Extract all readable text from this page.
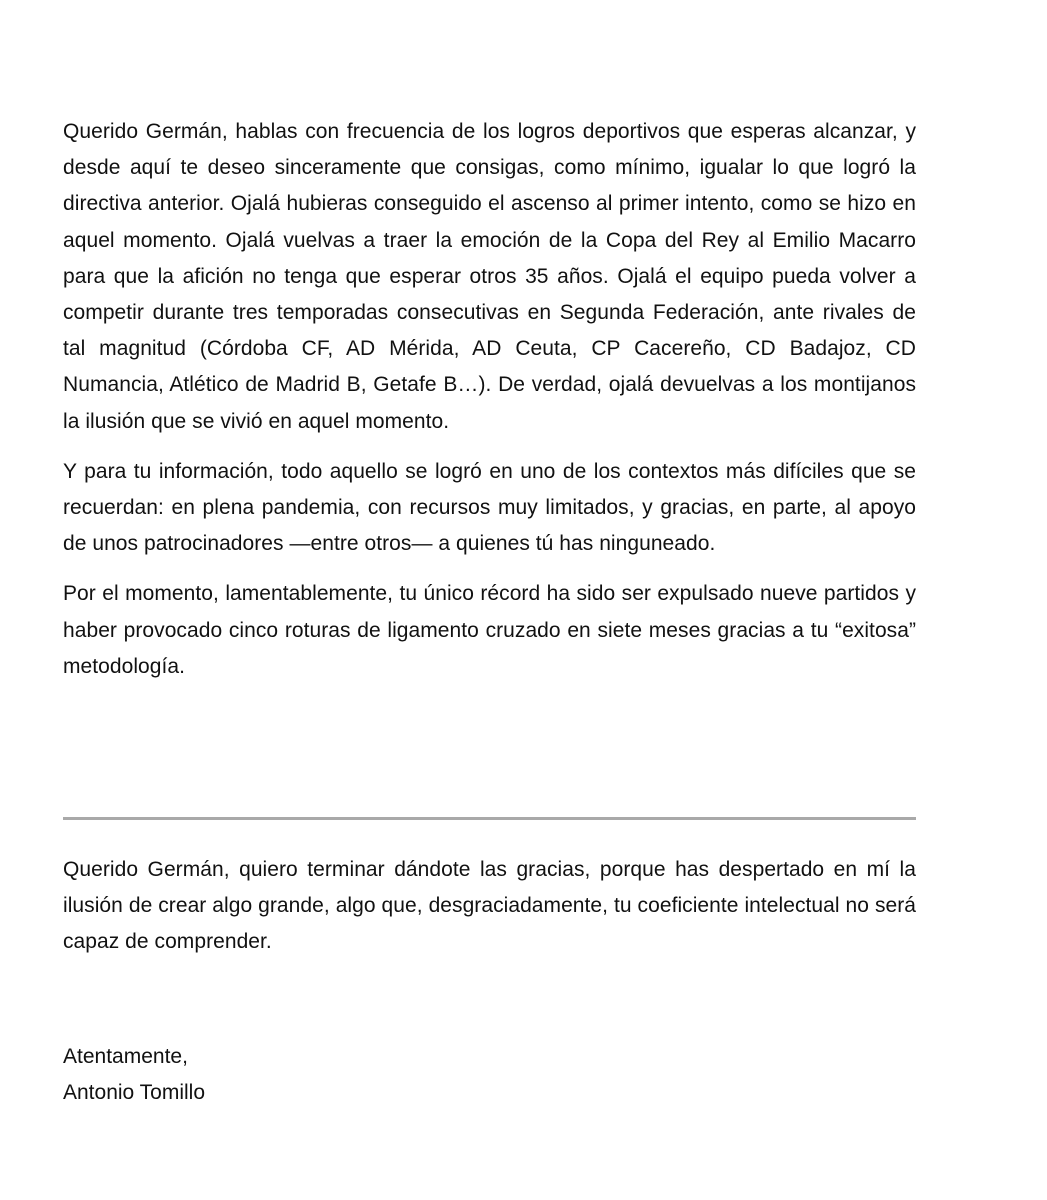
Querido Germán, hablas con frecuencia de los logros deportivos que esperas alcanzar, y desde aquí te deseo sinceramente que consigas, como mínimo, igualar lo que logró la directiva anterior. Ojalá hubieras conseguido el ascenso al primer intento, como se hizo en aquel momento. Ojalá vuelvas a traer la emoción de la Copa del Rey al Emilio Macarro para que la afición no tenga que esperar otros 35 años. Ojalá el equipo pueda volver a competir durante tres temporadas consecutivas en Segunda Federación, ante rivales de tal magnitud (Córdoba CF, AD Mérida, AD Ceuta, CP Cacereño, CD Badajoz, CD Numancia, Atlético de Madrid B, Getafe B…). De verdad, ojalá devuelvas a los montijanos la ilusión que se vivió en aquel momento.

Y para tu información, todo aquello se logró en uno de los contextos más difíciles que se recuerdan: en plena pandemia, con recursos muy limitados, y gracias, en parte, al apoyo de unos patrocinadores —entre otros— a quienes tú has ninguneado.

Por el momento, lamentablemente, tu único récord ha sido ser expulsado nueve partidos y haber provocado cinco roturas de ligamento cruzado en siete meses gracias a tu “exitosa” metodología.

Querido Germán, quiero terminar dándote las gracias, porque has despertado en mí la ilusión de crear algo grande, algo que, desgraciadamente, tu coeficiente intelectual no será capaz de comprender.

Atentamente,
Antonio Tomillo
